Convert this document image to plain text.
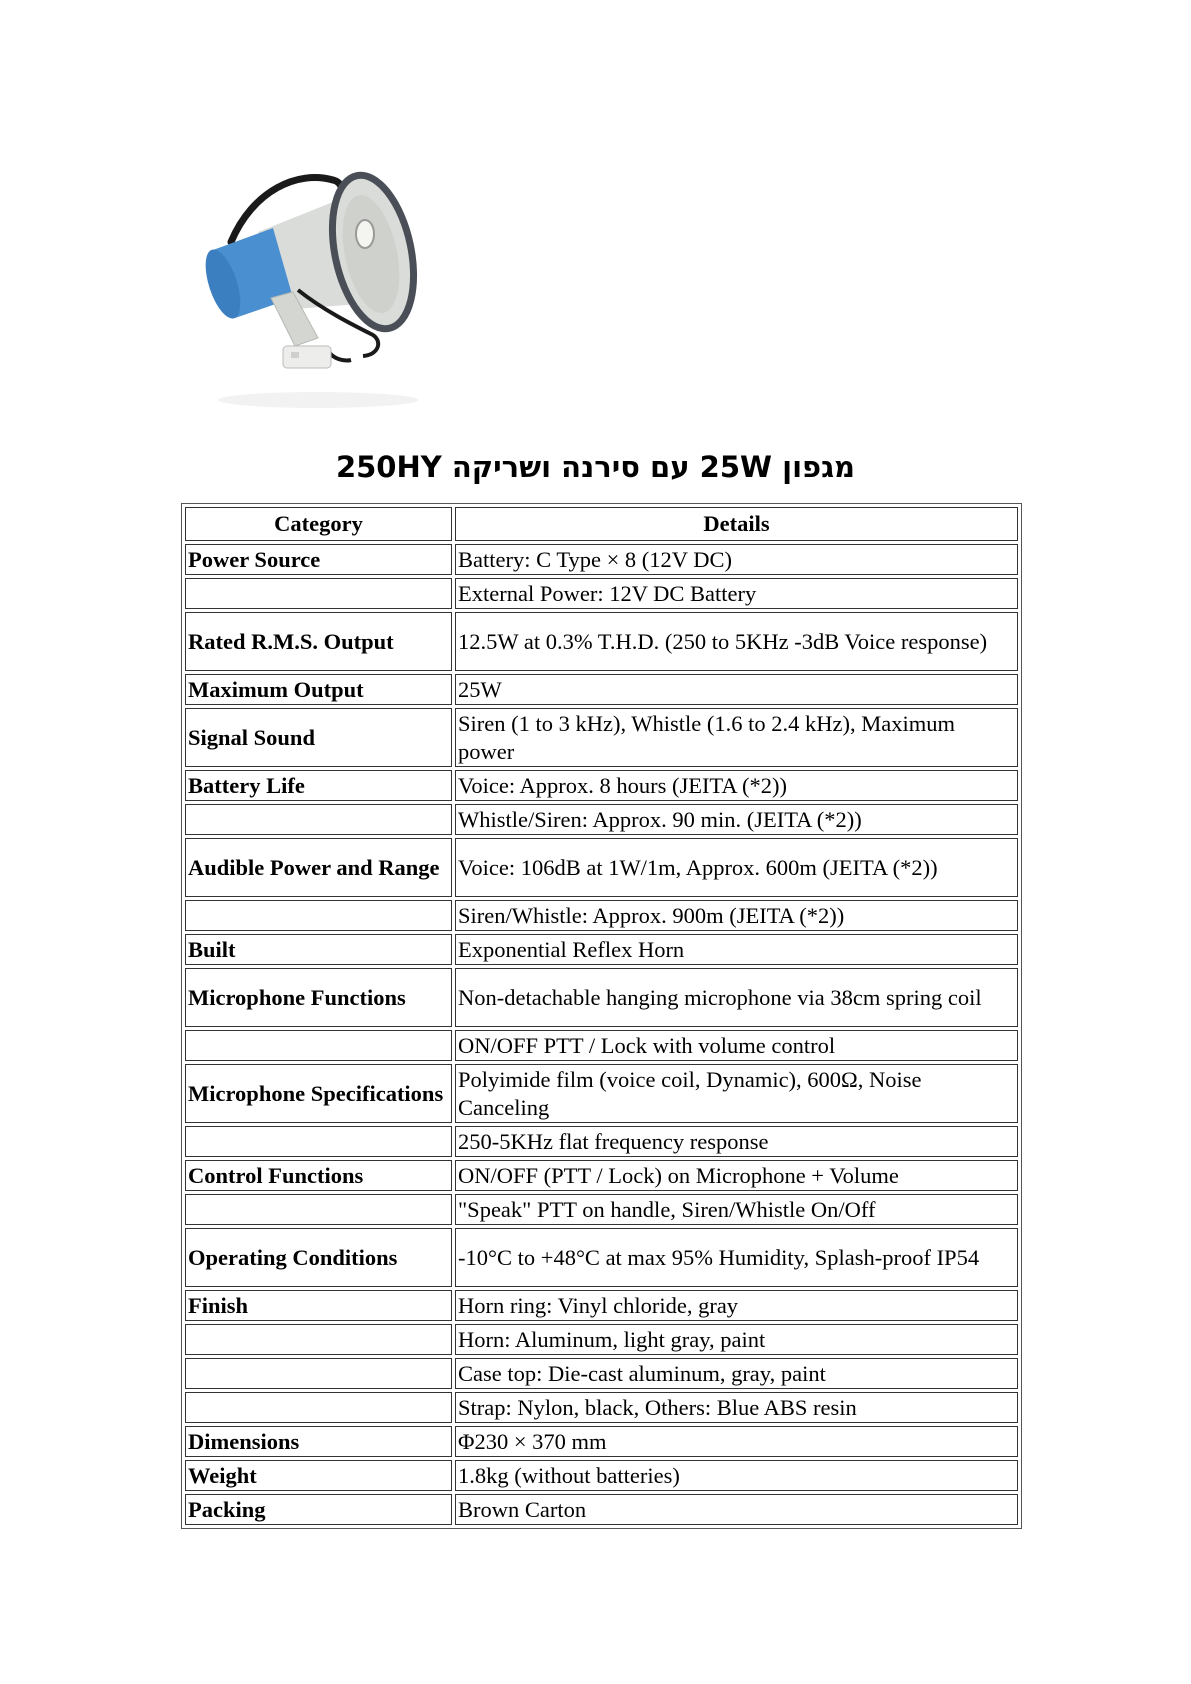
מגפון 25W עם סירנה ושריקה 250HY
Category	Details
Power Source	Battery: C Type × 8 (12V DC)
	External Power: 12V DC Battery
Rated R.M.S. Output	12.5W at 0.3% T.H.D. (250 to 5KHz -3dB Voice response)
Maximum Output	25W
Signal Sound	Siren (1 to 3 kHz), Whistle (1.6 to 2.4 kHz), Maximum power
Battery Life	Voice: Approx. 8 hours (JEITA (*2))
	Whistle/Siren: Approx. 90 min. (JEITA (*2))
Audible Power and Range	Voice: 106dB at 1W/1m, Approx. 600m (JEITA (*2))
	Siren/Whistle: Approx. 900m (JEITA (*2))
Built	Exponential Reflex Horn
Microphone Functions	Non-detachable hanging microphone via 38cm spring coil
	ON/OFF PTT / Lock with volume control
Microphone Specifications	Polyimide film (voice coil, Dynamic), 600Ω, Noise Canceling
	250-5KHz flat frequency response
Control Functions	ON/OFF (PTT / Lock) on Microphone + Volume
	"Speak" PTT on handle, Siren/Whistle On/Off
Operating Conditions	-10°C to +48°C at max 95% Humidity, Splash-proof IP54
Finish	Horn ring: Vinyl chloride, gray
	Horn: Aluminum, light gray, paint
	Case top: Die-cast aluminum, gray, paint
	Strap: Nylon, black, Others: Blue ABS resin
Dimensions	Φ230 × 370 mm
Weight	1.8kg (without batteries)
Packing	Brown Carton
